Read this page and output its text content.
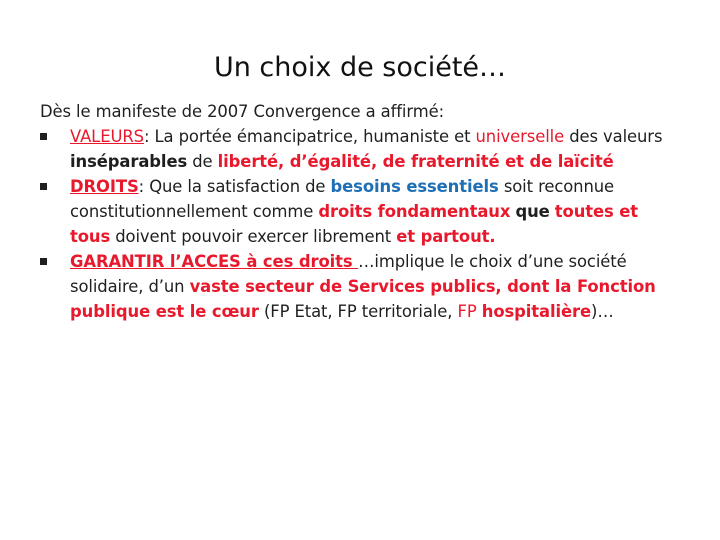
Un choix de société…
Dès le manifeste de 2007 Convergence a affirmé:
VALEURS: La portée émancipatrice, humaniste et universelle des valeurs inséparables de liberté, d’égalité, de fraternité et de laïcité
DROITS: Que la satisfaction de besoins essentiels soit reconnue constitutionnellement comme droits fondamentaux que toutes et tous doivent pouvoir exercer librement et partout.
GARANTIR l’ACCES à ces droits …implique le choix d’une société solidaire, d’un vaste secteur de Services publics, dont la Fonction publique est le cœur (FP Etat, FP territoriale, FP hospitalière)…
